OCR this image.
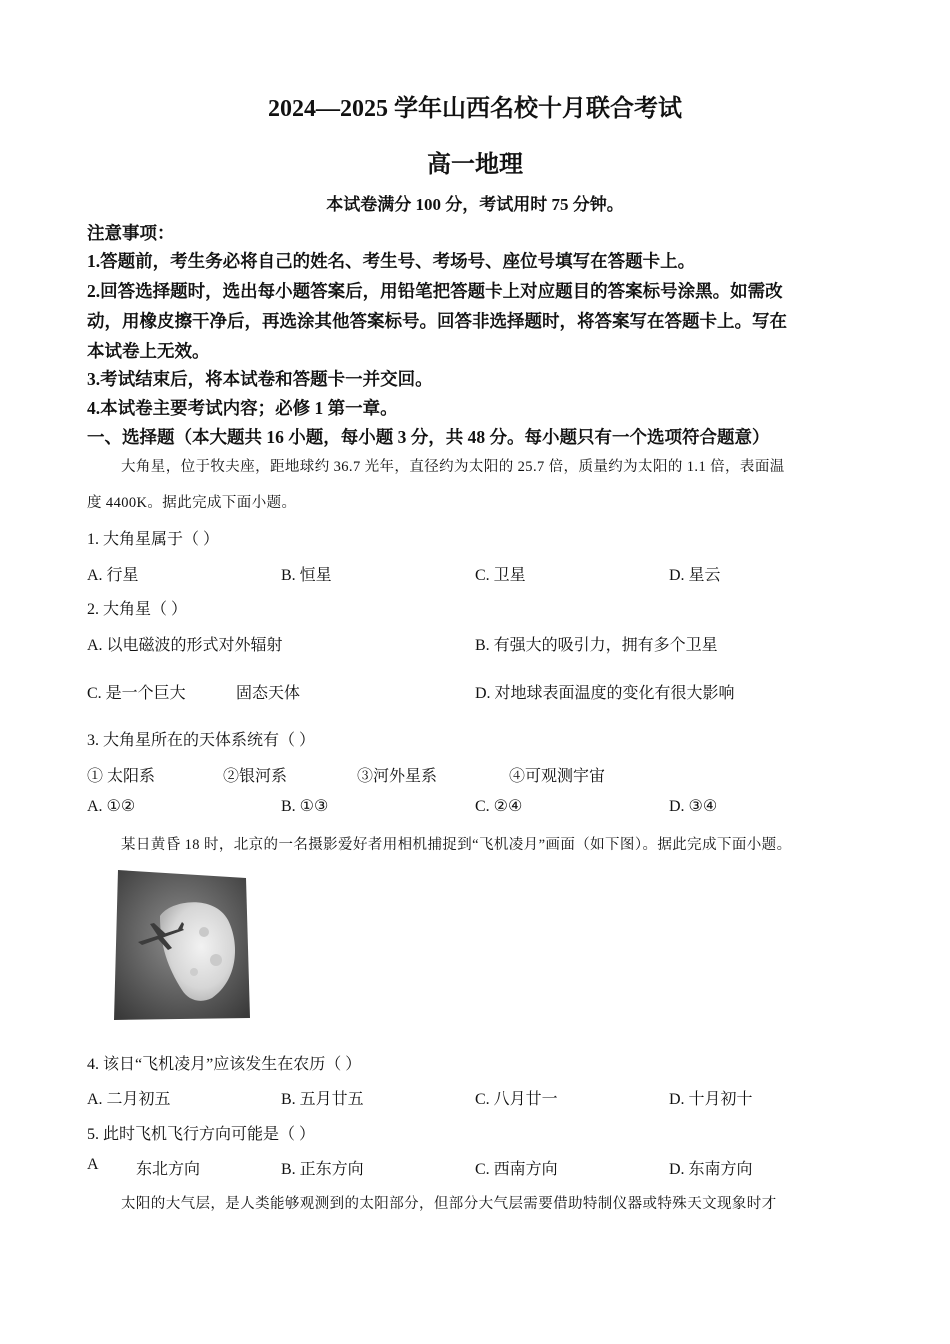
2024—2025 学年山西名校十月联合考试
高一地理
本试卷满分 100 分，考试用时 75 分钟。
注意事项：
1.答题前，考生务必将自己的姓名、考生号、考场号、座位号填写在答题卡上。
2.回答选择题时，选出每小题答案后，用铅笔把答题卡上对应题目的答案标号涂黑。如需改
动，用橡皮擦干净后，再选涂其他答案标号。回答非选择题时，将答案写在答题卡上。写在
本试卷上无效。
3.考试结束后，将本试卷和答题卡一并交回。
4.本试卷主要考试内容；必修 1 第一章。
一、选择题（本大题共 16 小题，每小题 3 分，共 48 分。每小题只有一个选项符合题意）
大角星，位于牧夫座，距地球约 36.7 光年，直径约为太阳的 25.7 倍，质量约为太阳的 1.1 倍，表面温
度 4400K。据此完成下面小题。
1. 大角星属于（ ）
A. 行星	B. 恒星	C. 卫星	D. 星云
2. 大角星（ ）
A. 以电磁波的形式对外辐射	B. 有强大的吸引力，拥有多个卫星
C. 是一个巨大	固态天体	D. 对地球表面温度的变化有很大影响
3. 大角星所在的天体系统有（ ）
① 太阳系	②银河系	③河外星系	④可观测宇宙
A. ①②	B. ①③	C. ②④	D. ③④
某日黄昏 18 时，北京的一名摄影爱好者用相机捕捉到“飞机凌月”画面（如下图）。据此完成下面小题。
4. 该日“飞机凌月”应该发生在农历（ ）
A. 二月初五	B. 五月廿五	C. 八月廿一	D. 十月初十
5. 此时飞机飞行方向可能是（ ）
A 东北方向	B. 正东方向	C. 西南方向	D. 东南方向
太阳的大气层，是人类能够观测到的太阳部分，但部分大气层需要借助特制仪器或特殊天文现象时才
